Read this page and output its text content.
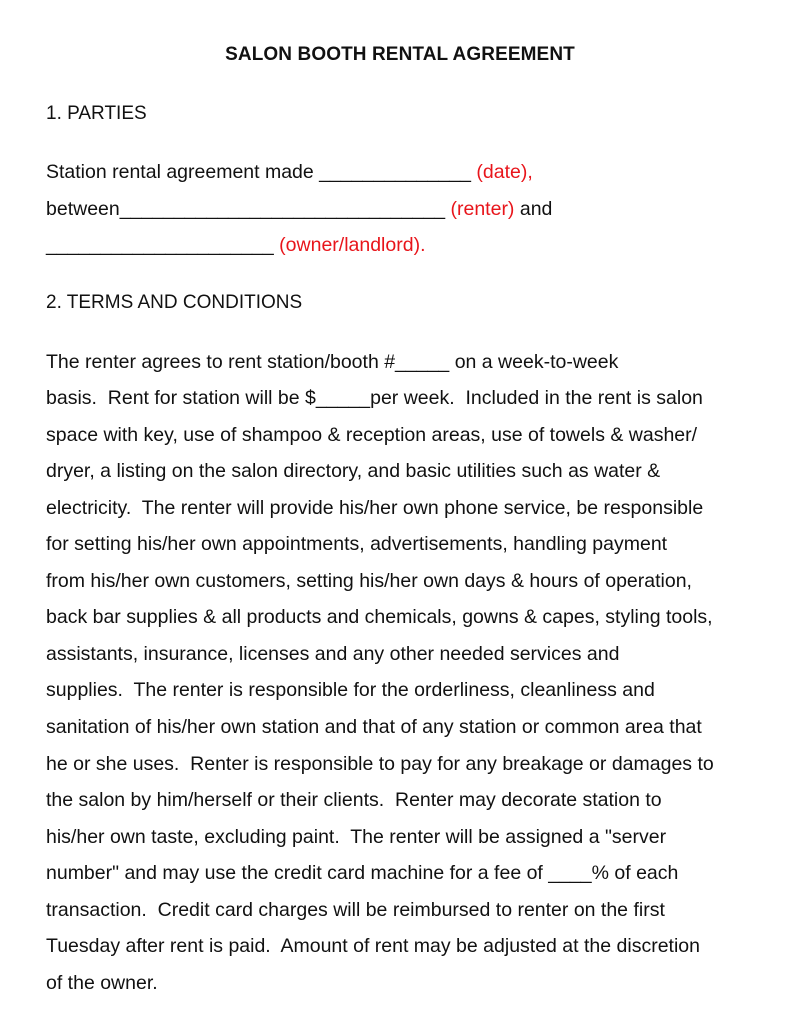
SALON BOOTH RENTAL AGREEMENT
1. PARTIES
Station rental agreement made ______________ (date),
between______________________________ (renter) and
_____________________ (owner/landlord).
2. TERMS AND CONDITIONS
The renter agrees to rent station/booth #_____ on a week-to-week
basis.  Rent for station will be $_____per week.  Included in the rent is salon
space with key, use of shampoo & reception areas, use of towels & washer/
dryer, a listing on the salon directory, and basic utilities such as water &
electricity.  The renter will provide his/her own phone service, be responsible
for setting his/her own appointments, advertisements, handling payment
from his/her own customers, setting his/her own days & hours of operation,
back bar supplies & all products and chemicals, gowns & capes, styling tools,
assistants, insurance, licenses and any other needed services and
supplies.  The renter is responsible for the orderliness, cleanliness and
sanitation of his/her own station and that of any station or common area that
he or she uses.  Renter is responsible to pay for any breakage or damages to
the salon by him/herself or their clients.  Renter may decorate station to
his/her own taste, excluding paint.  The renter will be assigned a "server
number" and may use the credit card machine for a fee of ____% of each
transaction.  Credit card charges will be reimbursed to renter on the first
Tuesday after rent is paid.  Amount of rent may be adjusted at the discretion
of the owner.
